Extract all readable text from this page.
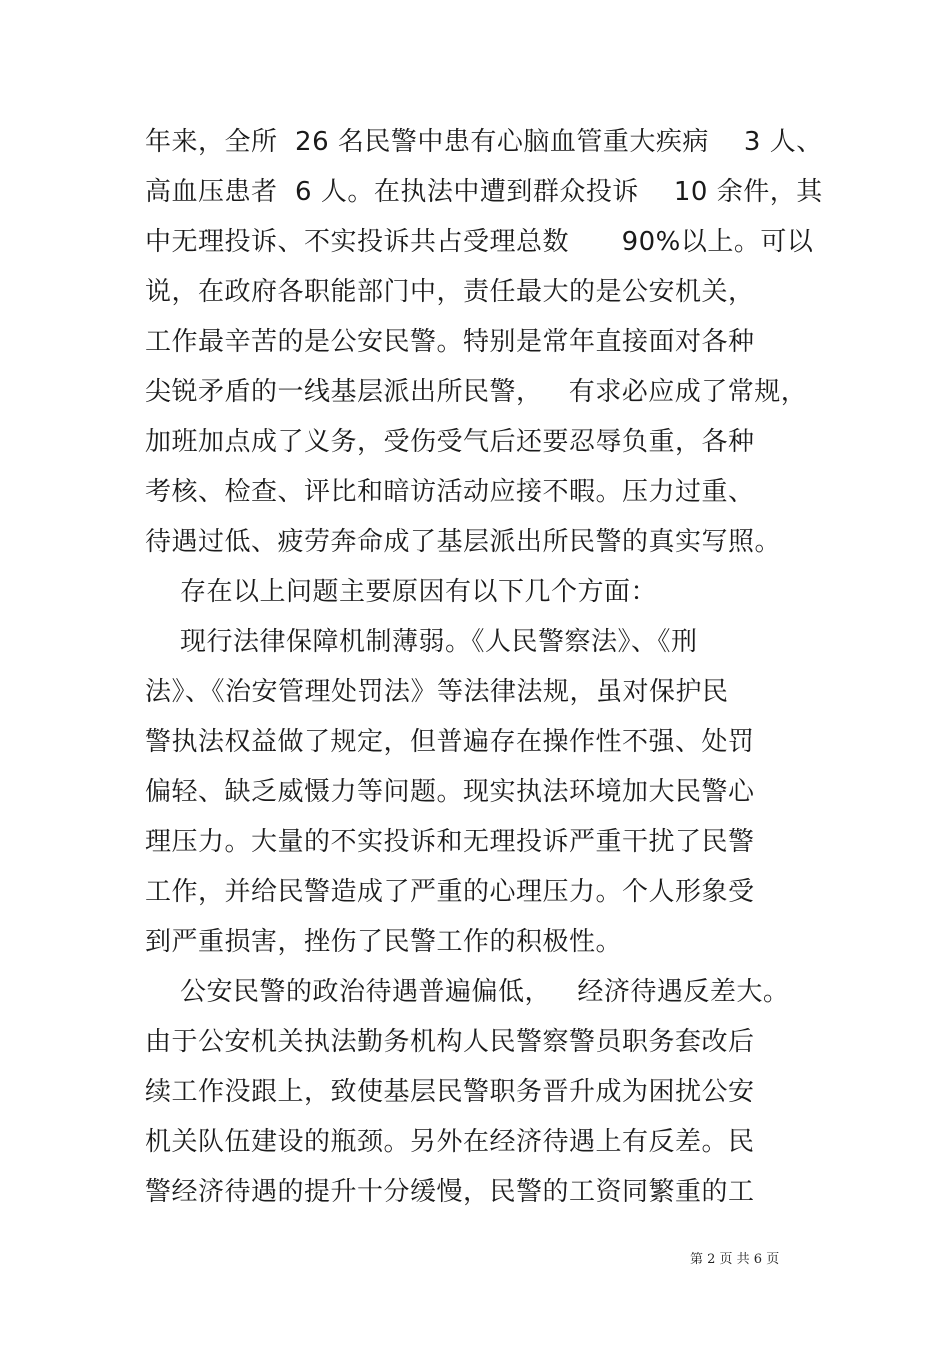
年来，全所  26 名民警中患有心脑血管重大疾病    3 人、
高血压患者  6 人。在执法中遭到群众投诉    10 余件，其
中无理投诉、不实投诉共占受理总数      90%以上。可以
说，在政府各职能部门中，责任最大的是公安机关，
工作最辛苦的是公安民警。特别是常年直接面对各种
尖锐矛盾的一线基层派出所民警，   有求必应成了常规，
加班加点成了义务，受伤受气后还要忍辱负重，各种
考核、检查、评比和暗访活动应接不暇。压力过重、
待遇过低、疲劳奔命成了基层派出所民警的真实写照。
存在以上问题主要原因有以下几个方面：
现行法律保障机制薄弱。《人民警察法》、《刑
法》、《治安管理处罚法》等法律法规，虽对保护民
警执法权益做了规定，但普遍存在操作性不强、处罚
偏轻、缺乏威慑力等问题。现实执法环境加大民警心
理压力。大量的不实投诉和无理投诉严重干扰了民警
工作，并给民警造成了严重的心理压力。个人形象受
到严重损害，挫伤了民警工作的积极性。
公安民警的政治待遇普遍偏低，   经济待遇反差大。
由于公安机关执法勤务机构人民警察警员职务套改后
续工作没跟上，致使基层民警职务晋升成为困扰公安
机关队伍建设的瓶颈。另外在经济待遇上有反差。民
警经济待遇的提升十分缓慢，民警的工资同繁重的工
第 2 页 共 6 页
